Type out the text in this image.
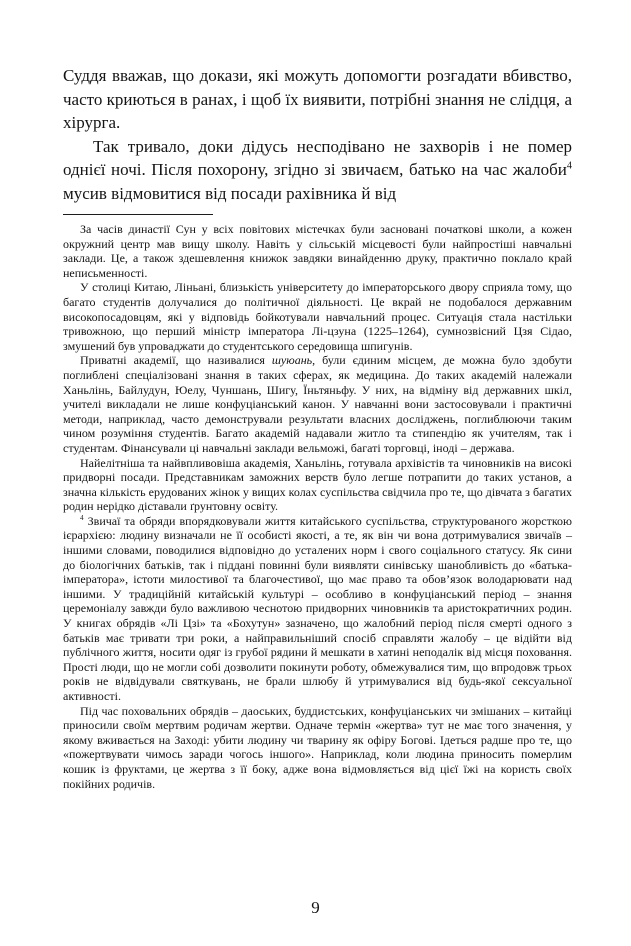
Суддя вважав, що докази, які можуть допомогти розгадати вбивство, часто криються в ранах, і щоб їх виявити, потрібні знання не слідця, а хірурга.

Так тривало, доки дідусь несподівано не захворів і не помер однієї ночі. Після похорону, згідно зі звичаєм, батько на час жалоби$^4$ мусив відмовитися від посади рахівника й від

За часів династії Сун у всіх повітових містечках були засновані початкові школи, а кожен окружний центр мав вищу школу. Навіть у сільській місцевості були найпростіші навчальні заклади. Це, а також здешевлення книжок завдяки винайденню друку, практично поклало край неписьменності.

У столиці Китаю, Ліньані, близькість університету до імператорського двору сприяла тому, що багато студентів долучалися до політичної діяльності. Це вкрай не подобалося державним високопосадовцям, які у відповідь бойкотували навчальний процес. Ситуація стала настільки тривожною, що перший міністр імператора Лі-цзуна (1225–1264), сумнозвісний Цзя Сідао, змушений був упроваджати до студентського середовища шпигунів.

Приватні академії, що називалися шуюань, були єдиним місцем, де можна було здобути поглиблені спеціалізовані знання в таких сферах, як медицина. До таких академій належали Ханьлінь, Байлудун, Юелу, Чуншань, Шигу, Їньтяньфу. У них, на відміну від державних шкіл, учителі викладали не лише конфуціанський канон. У навчанні вони застосовували і практичні методи, наприклад, часто демонстрували результати власних досліджень, поглиблюючи таким чином розуміння студентів. Багато академій надавали житло та стипендію як учителям, так і студентам. Фінансували ці навчальні заклади вельможі, багаті торговці, іноді – держава.

Найелітніша та найвпливовіша академія, Ханьлінь, готувала архівістів та чиновників на високі придворні посади. Представникам заможних верств було легше потрапити до таких установ, а значна кількість ерудованих жінок у вищих колах суспільства свідчила про те, що дівчата з багатих родин нерідко діставали ґрунтовну освіту.

$^4$ Звичаї та обряди впорядковували життя китайського суспільства, структурованого жорсткою ієрархією: людину визначали не її особисті якості, а те, як він чи вона дотримувалися звичаїв – іншими словами, поводилися відповідно до усталених норм і свого соціального статусу. Як сини до біологічних батьків, так і піддані повинні були виявляти синівську шанобливість до «батька-імператора», істоти милостивої та благочестивої, що має право та обов’язок володарювати над іншими. У традиційній китайській культурі – особливо в конфуціанський період – знання церемоніалу завжди було важливою чеснотою придворних чиновників та аристократичних родин. У книгах обрядів «Лі Цзі» та «Бохутун» зазначено, що жалобний період після смерті одного з батьків має тривати три роки, а найправильніший спосіб справляти жалобу – це відійти від публічного життя, носити одяг із грубої рядини й мешкати в хатині неподалік від місця поховання. Прості люди, що не могли собі дозволити покинути роботу, обмежувалися тим, що впродовж трьох років не відвідували святкувань, не брали шлюбу й утримувалися від будь-якої сексуальної активності.

Під час поховальних обрядів – даоських, буддистських, конфуціанських чи змішаних – китайці приносили своїм мертвим родичам жертви. Одначе термін «жертва» тут не має того значення, у якому вживається на Заході: убити людину чи тварину як офіру Богові. Ідеться радше про те, що «пожертвувати чимось заради чогось іншого». Наприклад, коли людина приносить померлим кошик із фруктами, це жертва з її боку, адже вона відмовляється від цієї їжі на користь своїх покійних родичів.

9
